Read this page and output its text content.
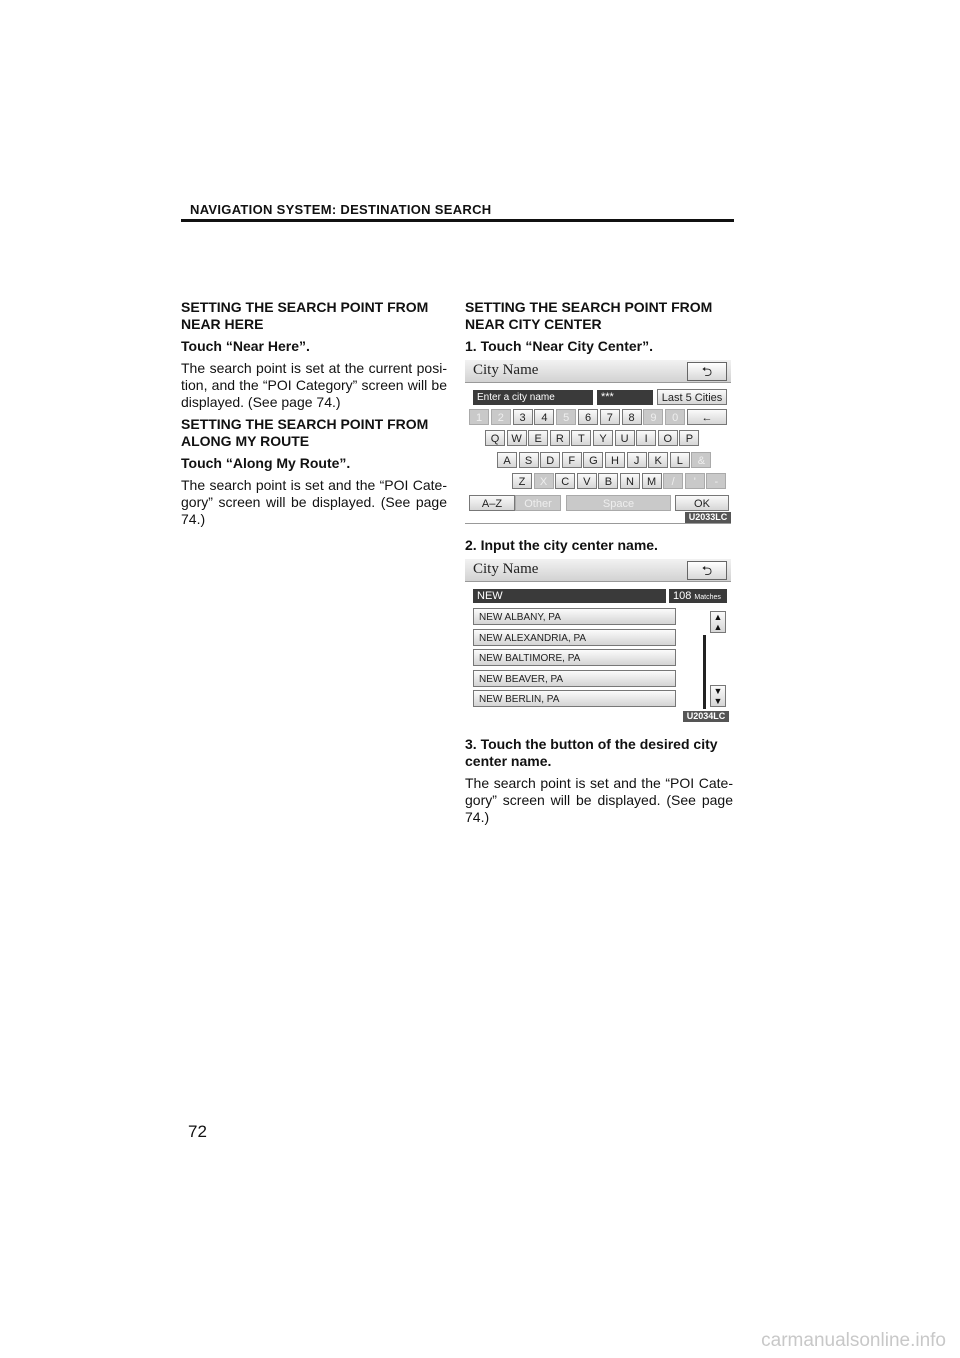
NAVIGATION SYSTEM: DESTINATION SEARCH

SETTING THE SEARCH POINT FROM NEAR HERE

Touch “Near Here”.

The search point is set at the current posi- tion, and the “POI Category” screen will be displayed. (See page 74.)

SETTING THE SEARCH POINT FROM ALONG MY ROUTE

Touch “Along My Route”.

The search point is set and the “POI Cate- gory” screen will be displayed. (See page 74.)

SETTING THE SEARCH POINT FROM NEAR CITY CENTER

1. Touch “Near City Center”.

City Name	⮌
Enter a city name	***	Last 5 Cities
1	2	3	4	5	6	7	8	9	0	←
Q	W	E	R	T	Y	U	I	O	P
A	S	D	F	G	H	J	K	L	&
Z	X	C	V	B	N	M	/	'	-
A–Z	Other	Space	OK
U2033LC

2. Input the city center name.

City Name	⮌
NEW	108 Matches
NEW ALBANY, PA
NEW ALEXANDRIA, PA
NEW BALTIMORE, PA
NEW BEAVER, PA
NEW BERLIN, PA
▲
▲
▼
▼
U2034LC

3. Touch the button of the desired city center name.

The search point is set and the “POI Cate- gory” screen will be displayed. (See page 74.)

72
carmanualsonline.info
